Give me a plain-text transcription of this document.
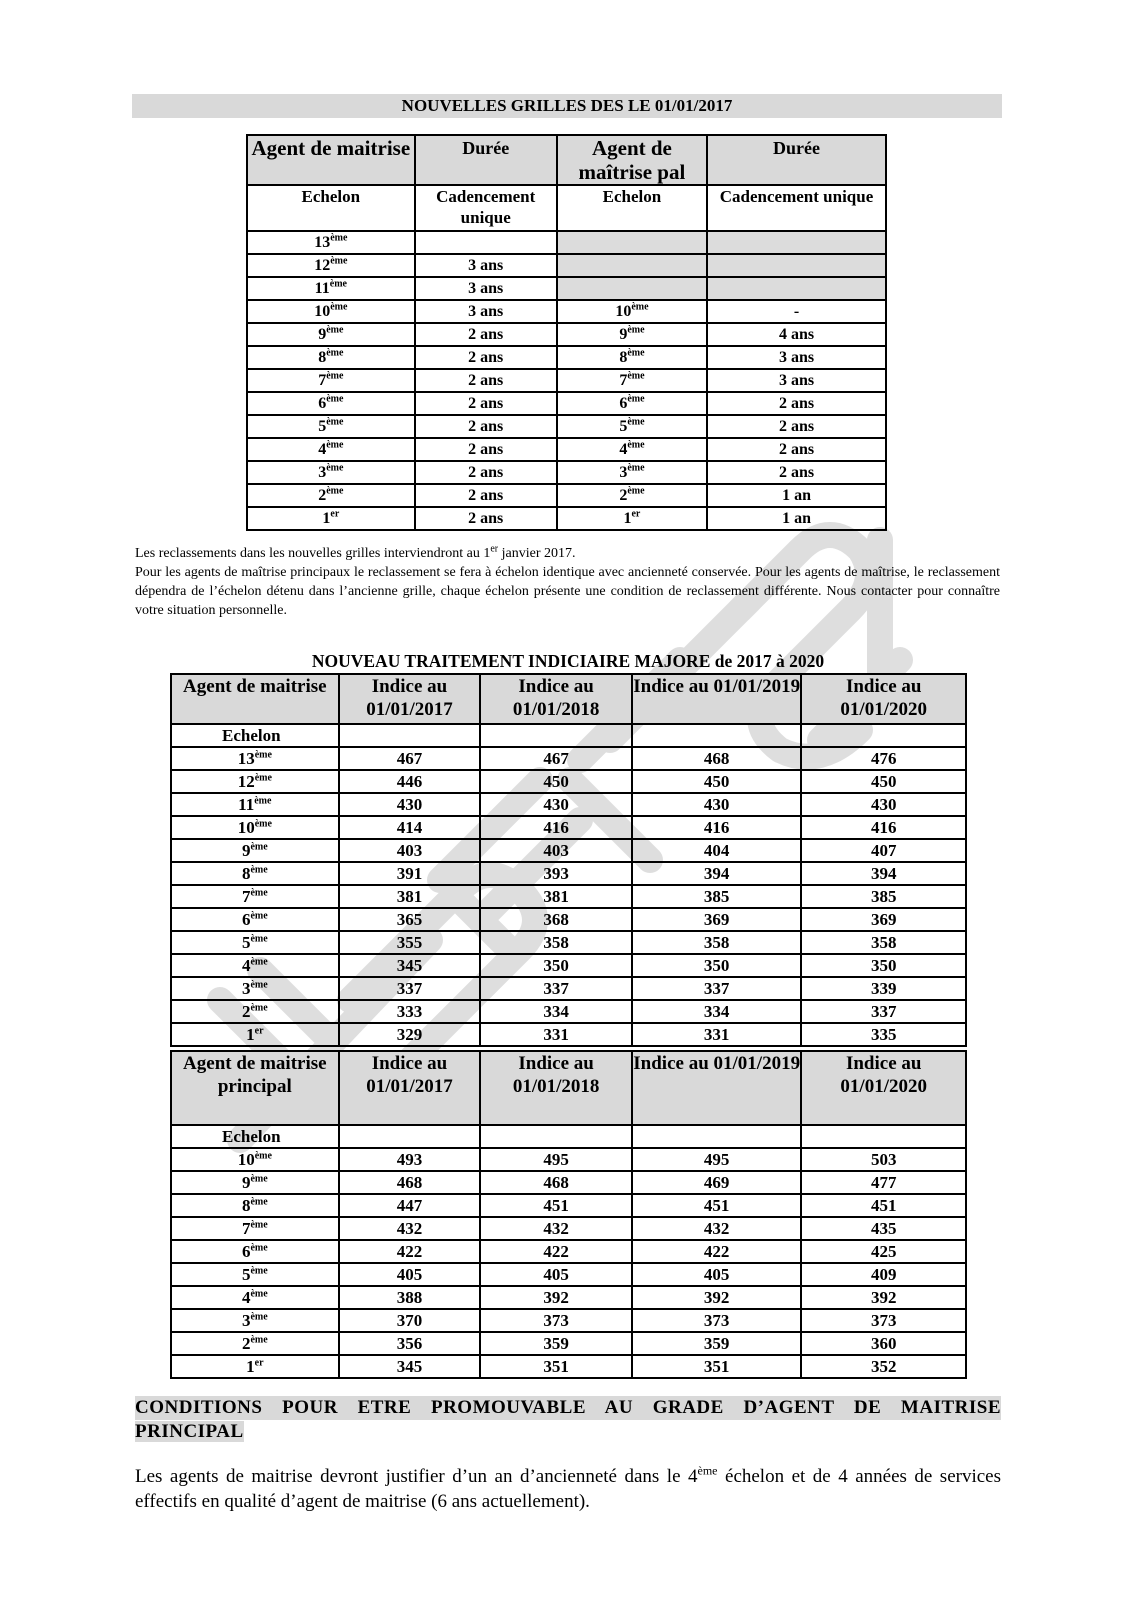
NOUVELLES GRILLES DES LE 01/01/2017
Agent de maitrise	Durée	Agent de maîtrise pal	Durée
Echelon	Cadencement unique	Echelon	Cadencement unique
13ème			
12ème	3 ans		
11ème	3 ans		
10ème	3 ans	10ème	-
9ème	2 ans	9ème	4 ans
8ème	2 ans	8ème	3 ans
7ème	2 ans	7ème	3 ans
6ème	2 ans	6ème	2 ans
5ème	2 ans	5ème	2 ans
4ème	2 ans	4ème	2 ans
3ème	2 ans	3ème	2 ans
2ème	2 ans	2ème	1 an
1er	2 ans	1er	1 an
Les reclassements dans les nouvelles grilles interviendront au 1er janvier 2017.
Pour les agents de maîtrise principaux le reclassement se fera à échelon identique avec ancienneté conservée. Pour les agents de maîtrise, le reclassement dépendra de l’échelon détenu dans l’ancienne grille, chaque échelon présente une condition de reclassement différente. Nous contacter pour connaître votre situation personnelle.
NOUVEAU TRAITEMENT INDICIAIRE MAJORE de 2017 à 2020
Agent de maitrise	Indice au 01/01/2017	Indice au 01/01/2018	Indice au 01/01/2019	Indice au 01/01/2020
Echelon				
13ème	467	467	468	476
12ème	446	450	450	450
11ème	430	430	430	430
10ème	414	416	416	416
9ème	403	403	404	407
8ème	391	393	394	394
7ème	381	381	385	385
6ème	365	368	369	369
5ème	355	358	358	358
4ème	345	350	350	350
3ème	337	337	337	339
2ème	333	334	334	337
1er	329	331	331	335
Agent de maitrise principal	Indice au 01/01/2017	Indice au 01/01/2018	Indice au 01/01/2019	Indice au 01/01/2020
Echelon				
10ème	493	495	495	503
9ème	468	468	469	477
8ème	447	451	451	451
7ème	432	432	432	435
6ème	422	422	422	425
5ème	405	405	405	409
4ème	388	392	392	392
3ème	370	373	373	373
2ème	356	359	359	360
1er	345	351	351	352
CONDITIONS POUR ETRE PROMOUVABLE AU GRADE D’AGENT DE MAITRISE
PRINCIPAL
Les agents de maitrise devront justifier d’un an d’ancienneté dans le 4ème échelon et de 4 années de services effectifs en qualité d’agent de maitrise (6 ans actuellement).
